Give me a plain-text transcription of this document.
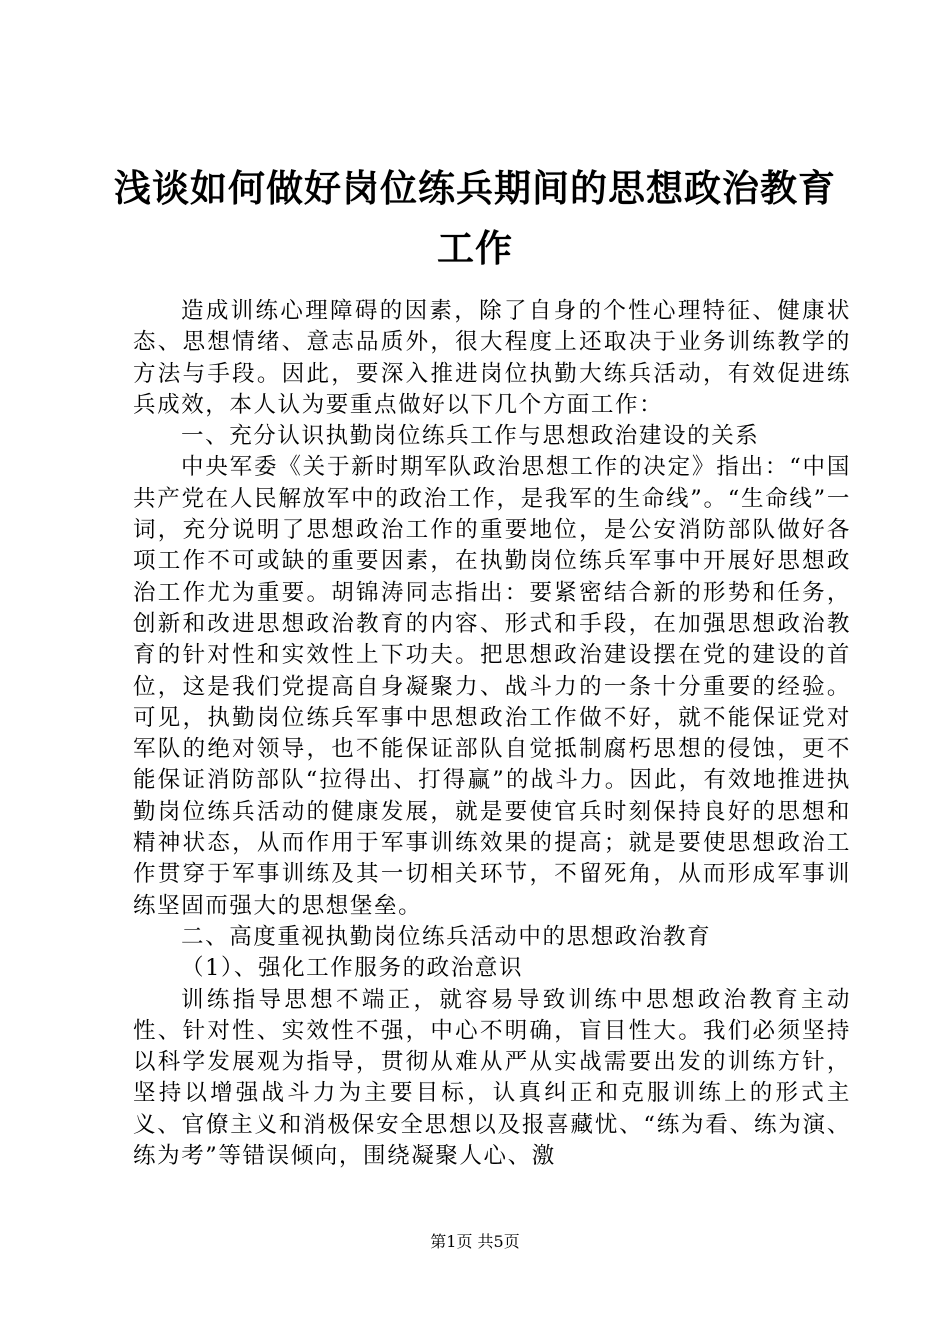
浅谈如何做好岗位练兵期间的思想政治教育工作

造成训练心理障碍的因素，除了自身的个性心理特征、健康状态、思想情绪、意志品质外，很大程度上还取决于业务训练教学的方法与手段。因此，要深入推进岗位执勤大练兵活动，有效促进练兵成效，本人认为要重点做好以下几个方面工作：

一、充分认识执勤岗位练兵工作与思想政治建设的关系

中央军委《关于新时期军队政治思想工作的决定》指出：“中国共产党在人民解放军中的政治工作，是我军的生命线”。“生命线”一词，充分说明了思想政治工作的重要地位，是公安消防部队做好各项工作不可或缺的重要因素，在执勤岗位练兵军事中开展好思想政治工作尤为重要。胡锦涛同志指出：要紧密结合新的形势和任务，创新和改进思想政治教育的内容、形式和手段，在加强思想政治教育的针对性和实效性上下功夫。把思想政治建设摆在党的建设的首位，这是我们党提高自身凝聚力、战斗力的一条十分重要的经验。可见，执勤岗位练兵军事中思想政治工作做不好，就不能保证党对军队的绝对领导，也不能保证部队自觉抵制腐朽思想的侵蚀，更不能保证消防部队“拉得出、打得赢”的战斗力。因此，有效地推进执勤岗位练兵活动的健康发展，就是要使官兵时刻保持良好的思想和精神状态，从而作用于军事训练效果的提高；就是要使思想政治工作贯穿于军事训练及其一切相关环节，不留死角，从而形成军事训练坚固而强大的思想堡垒。

二、高度重视执勤岗位练兵活动中的思想政治教育

（1）、强化工作服务的政治意识

训练指导思想不端正，就容易导致训练中思想政治教育主动性、针对性、实效性不强，中心不明确，盲目性大。我们必须坚持以科学发展观为指导，贯彻从难从严从实战需要出发的训练方针，坚持以增强战斗力为主要目标，认真纠正和克服训练上的形式主义、官僚主义和消极保安全思想以及报喜藏忧、“练为看、练为演、练为考”等错误倾向，围绕凝聚人心、激

第1页 共5页
